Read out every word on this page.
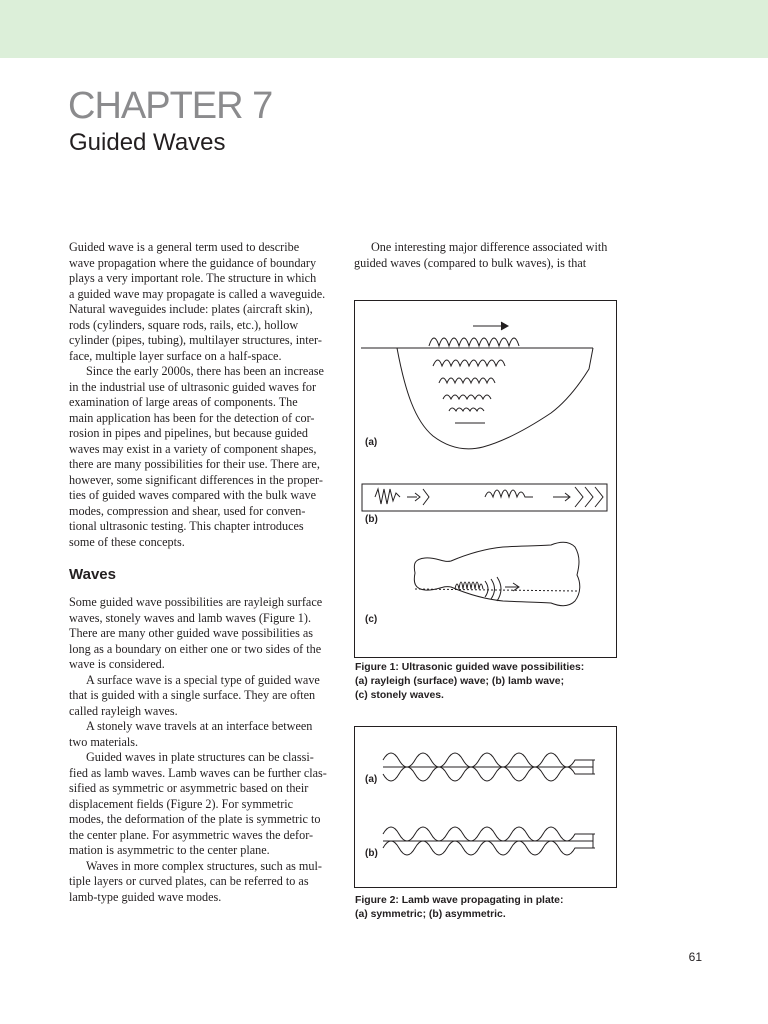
CHAPTER 7
Guided Waves

Guided wave is a general term used to describe
wave propagation where the guidance of boundary
plays a very important role. The structure in which
a guided wave may propagate is called a waveguide.
Natural waveguides include: plates (aircraft skin),
rods (cylinders, square rods, rails, etc.), hollow
cylinder (pipes, tubing), multilayer structures, inter-
face, multiple layer surface on a half-space.

Since the early 2000s, there has been an increase
in the industrial use of ultrasonic guided waves for
examination of large areas of components. The
main application has been for the detection of cor-
rosion in pipes and pipelines, but because guided
waves may exist in a variety of component shapes,
there are many possibilities for their use. There are,
however, some significant differences in the proper-
ties of guided waves compared with the bulk wave
modes, compression and shear, used for conven-
tional ultrasonic testing. This chapter introduces
some of these concepts.

Waves

Some guided wave possibilities are rayleigh surface
waves, stonely waves and lamb waves (Figure 1).
There are many other guided wave possibilities as
long as a boundary on either one or two sides of the
wave is considered.

A surface wave is a special type of guided wave
that is guided with a single surface. They are often
called rayleigh waves.

A stonely wave travels at an interface between
two materials.

Guided waves in plate structures can be classi-
fied as lamb waves. Lamb waves can be further clas-
sified as symmetric or asymmetric based on their
displacement fields (Figure 2). For symmetric
modes, the deformation of the plate is symmetric to
the center plane. For asymmetric waves the defor-
mation is asymmetric to the center plane.

Waves in more complex structures, such as mul-
tiple layers or curved plates, can be referred to as
lamb-type guided wave modes.

One interesting major difference associated with
guided waves (compared to bulk waves), is that

(a)
(b)
(c)

Figure 1: Ultrasonic guided wave possibilities:
(a) rayleigh (surface) wave; (b) lamb wave;
(c) stonely waves.

(a)
(b)

Figure 2: Lamb wave propagating in plate:
(a) symmetric; (b) asymmetric.

61
